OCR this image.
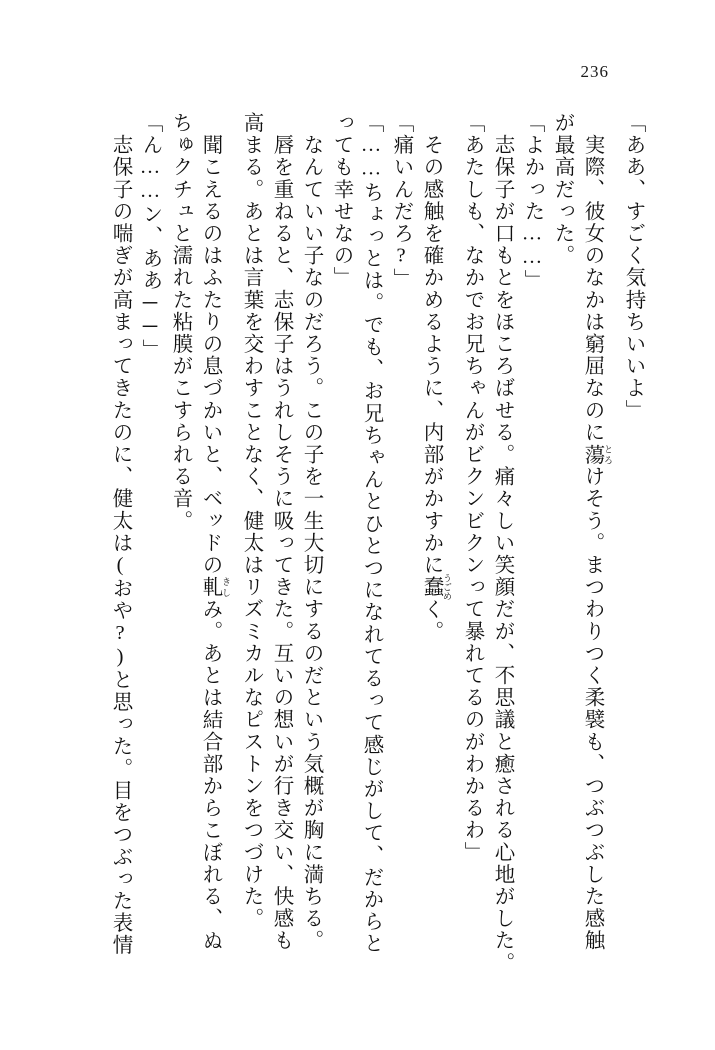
236
「ああ、すごく気持ちいいよ」
　実際、彼女のなかは窮屈なのに蕩 とろけそう。まつわりつく柔襞も、つぶつぶした感触
が最高だった。
「よかった……」
　志保子が口もとをほころばせる。痛々しい笑顔だが、不思議と癒される心地がした。
「あたしも、なかでお兄ちゃんがビクンビクンって暴れてるのがわかるわ」
　その感触を確かめるように、内部がかすかに蠢 うごめく。
「痛いんだろ?」
「……ちょっとは。でも、お兄ちゃんとひとつになれてるって感じがして、だからと
っても幸せなの」
　なんていい子なのだろう。この子を一生大切にするのだという気概が胸に満ちる。
　唇を重ねると、志保子はうれしそうに吸ってきた。互いの想いが行き交い、快感も
高まる。あとは言葉を交わすことなく、健太はリズミカルなピストンをつづけた。
　聞こえるのはふたりの息づかいと、ベッドの軋 きしみ。あとは結合部からこぼれる、ぬ
ちゅクチュと濡れた粘膜がこすられる音。
「ん……ン、ああ──」
　志保子の喘ぎが高まってきたのに、健太は(おや?)と思った。目をつぶった表情
